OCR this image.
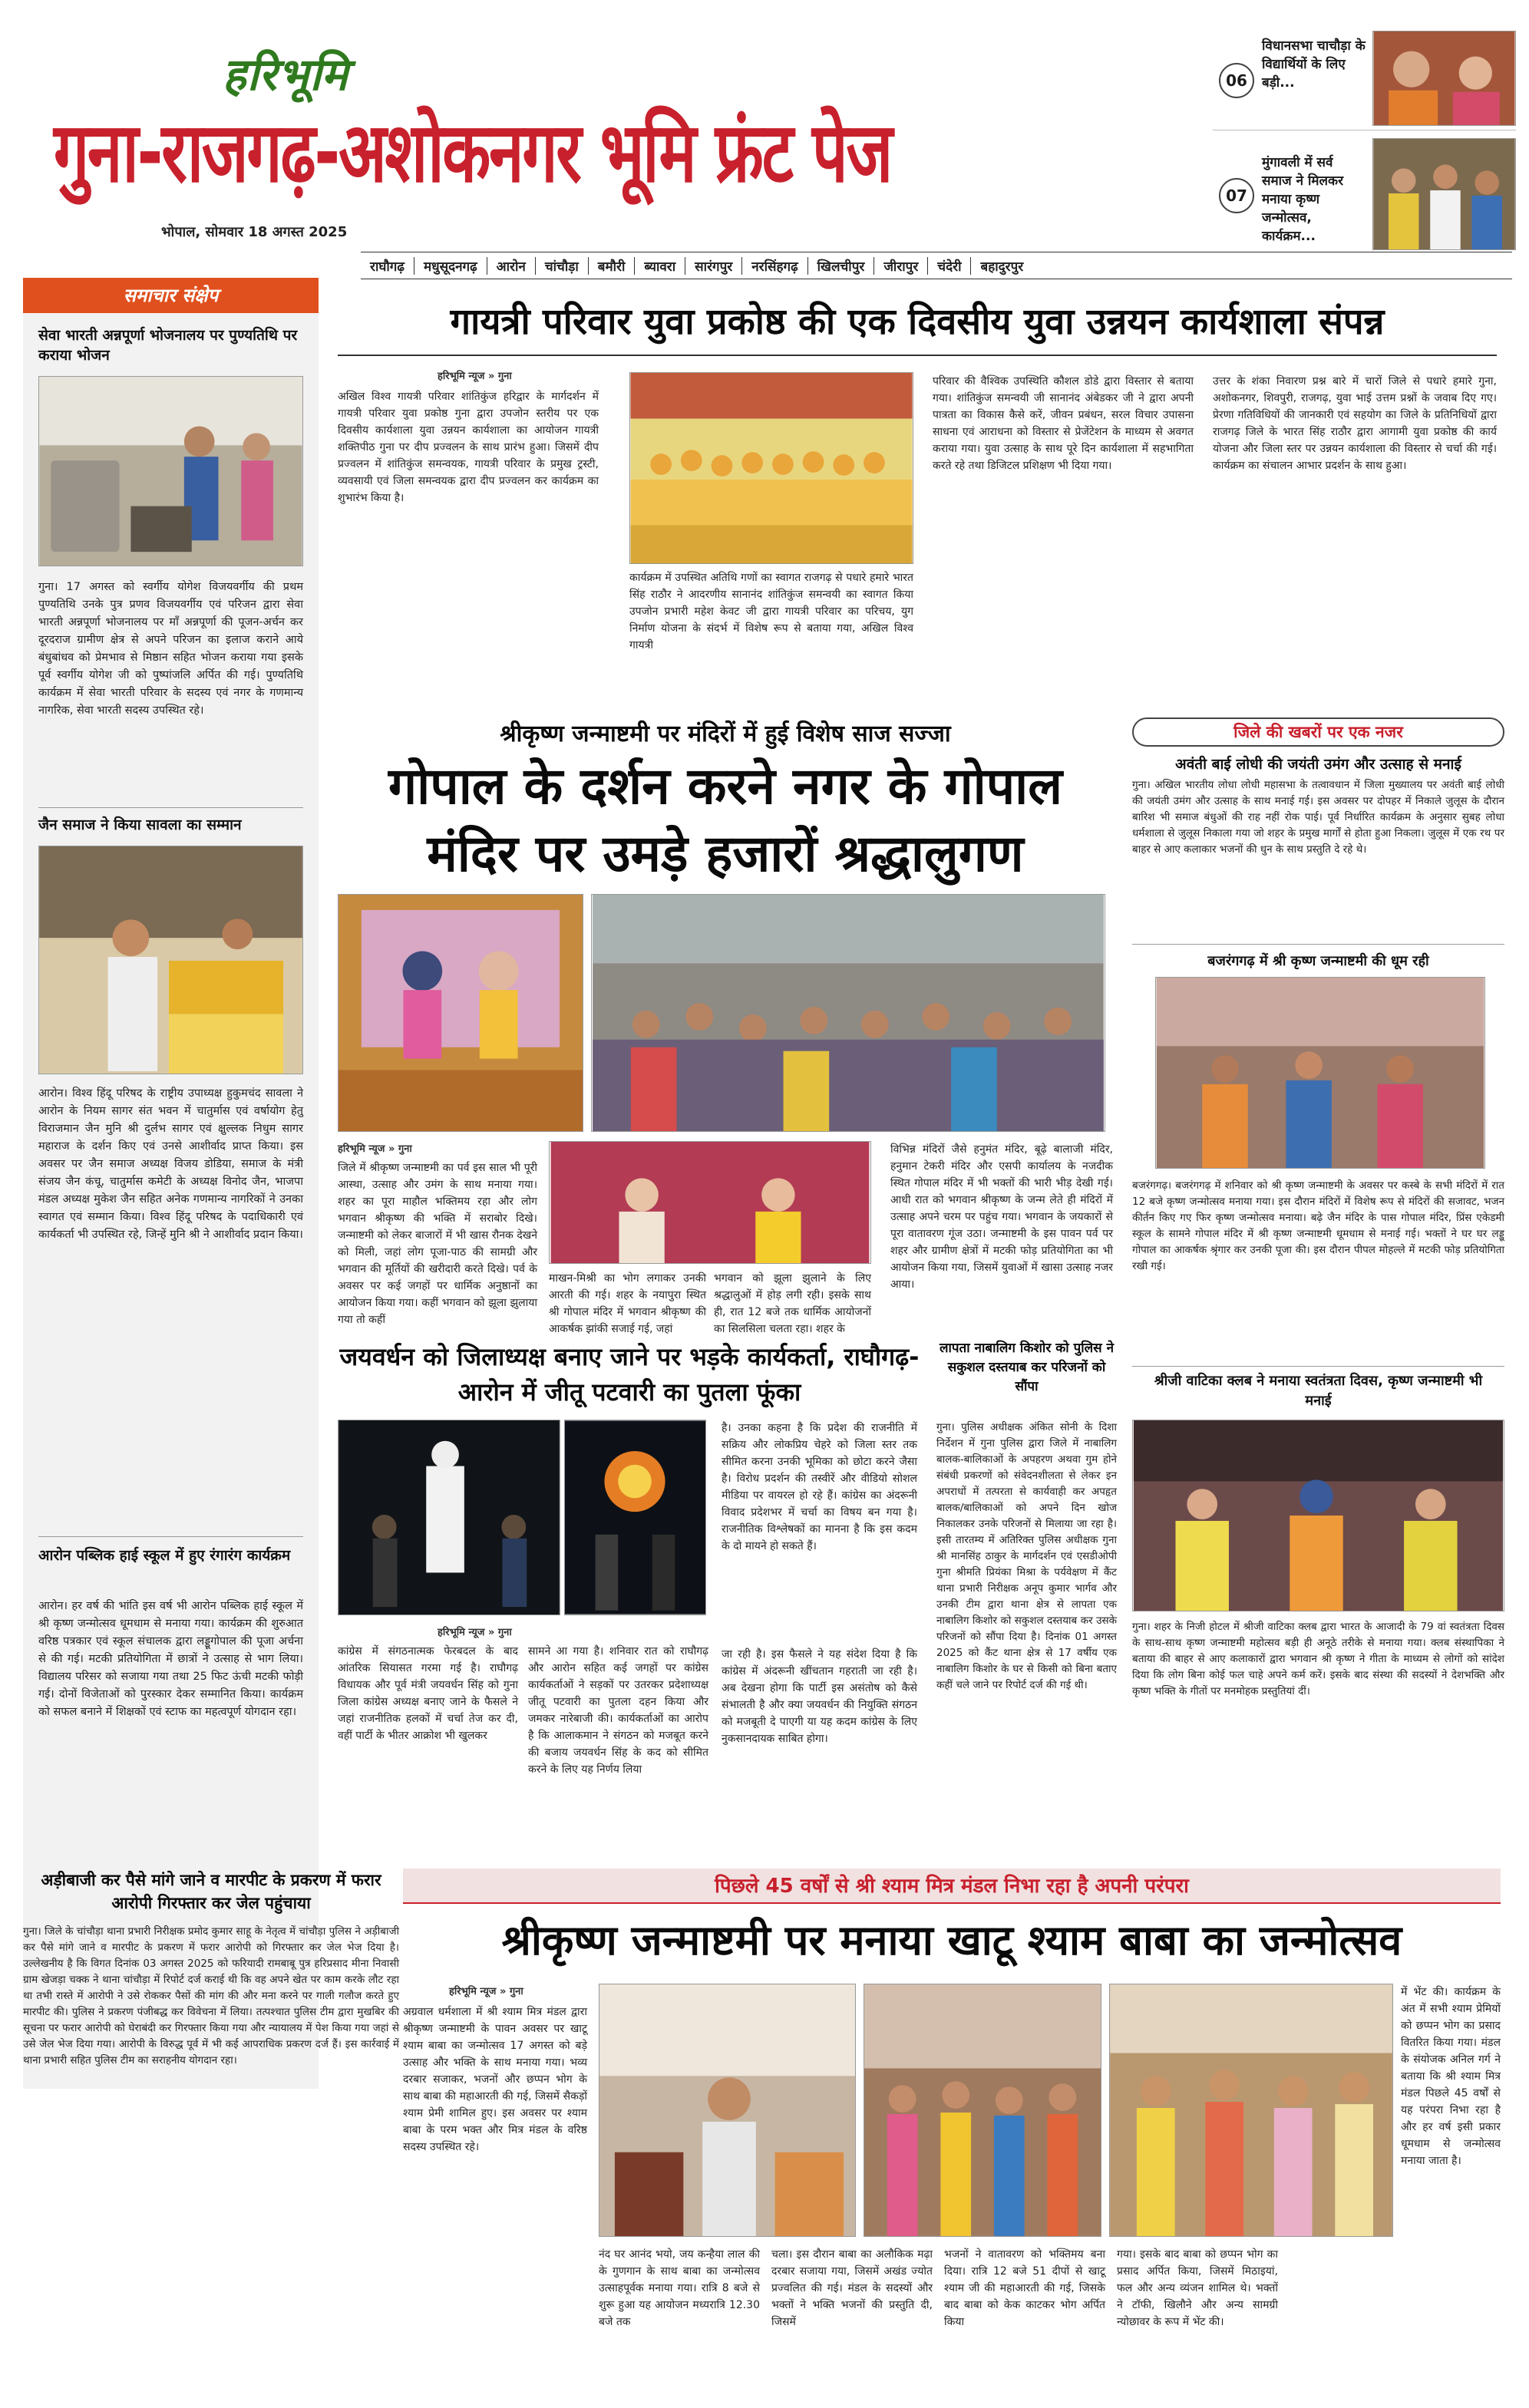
हरिभूमि
गुना-राजगढ़-अशोकनगर भूमि फ्रंट पेज
भोपाल, सोमवार 18 अगस्त 2025
06
विधानसभा चाचौड़ा के विद्यार्थियों के लिए बड़ी...
07
मुंगावली में सर्व समाज ने मिलकर मनाया कृष्ण जन्मोत्सव, कार्यक्रम...
राघौगढ़	मधुसूदनगढ़	आरोन	चांचौड़ा	बमौरी	ब्यावरा	सारंगपुर	नरसिंहगढ़	खिलचीपुर	जीरापुर	चंदेरी	बहादुरपुर
समाचार संक्षेप
सेवा भारती अन्नपूर्णा भोजनालय पर पुण्यतिथि पर कराया भोजन
गुना। 17 अगस्त को स्वर्गीय योगेश विजयवर्गीय की प्रथम पुण्यतिथि उनके पुत्र प्रणव विजयवर्गीय एवं परिजन द्वारा सेवा भारती अन्नपूर्णा भोजनालय पर माँ अन्नपूर्णा की पूजन-अर्चन कर दूरदराज ग्रामीण क्षेत्र से अपने परिजन का इलाज कराने आये बंधुबांधव को प्रेमभाव से मिष्ठान सहित भोजन कराया गया इसके पूर्व स्वर्गीय योगेश जी को पुष्पांजलि अर्पित की गई। पुण्यतिथि कार्यक्रम में सेवा भारती परिवार के सदस्य एवं नगर के गणमान्य नागरिक, सेवा भारती सदस्य उपस्थित रहे।
जैन समाज ने किया सावला का सम्मान
आरोन। विश्व हिंदू परिषद के राष्ट्रीय उपाध्यक्ष हुकुमचंद सावला ने आरोन के नियम सागर संत भवन में चातुर्मास एवं वर्षायोग हेतु विराजमान जैन मुनि श्री दुर्लभ सागर एवं क्षुल्लक निधुम सागर महाराज के दर्शन किए एवं उनसे आशीर्वाद प्राप्त किया। इस अवसर पर जैन समाज अध्यक्ष विजय डोडिया, समाज के मंत्री संजय जैन कंचू, चातुर्मास कमेटी के अध्यक्ष विनोद जैन, भाजपा मंडल अध्यक्ष मुकेश जैन सहित अनेक गणमान्य नागरिकों ने उनका स्वागत एवं सम्मान किया। विश्व हिंदू परिषद के पदाधिकारी एवं कार्यकर्ता भी उपस्थित रहे, जिन्हें मुनि श्री ने आशीर्वाद प्रदान किया।
आरोन पब्लिक हाई स्कूल में हुए रंगारंग कार्यक्रम
आरोन। हर वर्ष की भांति इस वर्ष भी आरोन पब्लिक हाई स्कूल में श्री कृष्ण जन्मोत्सव धूमधाम से मनाया गया। कार्यक्रम की शुरुआत वरिष्ठ पत्रकार एवं स्कूल संचालक द्वारा लड्डूगोपाल की पूजा अर्चना से की गई। मटकी प्रतियोगिता में छात्रों ने उत्साह से भाग लिया। विद्यालय परिसर को सजाया गया तथा 25 फिट ऊंची मटकी फोड़ी गई। दोनों विजेताओं को पुरस्कार देकर सम्मानित किया। कार्यक्रम को सफल बनाने में शिक्षकों एवं स्टाफ का महत्वपूर्ण योगदान रहा।
गायत्री परिवार युवा प्रकोष्ठ की एक दिवसीय युवा उन्नयन कार्यशाला संपन्न
हरिभूमि न्यूज » गुना
अखिल विश्व गायत्री परिवार शांतिकुंज हरिद्वार के मार्गदर्शन में गायत्री परिवार युवा प्रकोष्ठ गुना द्वारा उपजोन स्तरीय पर एक दिवसीय कार्यशाला युवा उन्नयन कार्यशाला का आयोजन गायत्री शक्तिपीठ गुना पर दीप प्रज्वलन के साथ प्रारंभ हुआ। जिसमें दीप प्रज्वलन में शांतिकुंज समन्वयक, गायत्री परिवार के प्रमुख ट्रस्टी, व्यवसायी एवं जिला समन्वयक द्वारा दीप प्रज्वलन कर कार्यक्रम का शुभारंभ किया है।
कार्यक्रम में उपस्थित अतिथि गणों का स्वागत राजगढ़ से पधारे हमारे भारत सिंह राठौर ने आदरणीय सानानंद शांतिकुंज समन्वयी का स्वागत किया उपजोन प्रभारी महेश केवट जी द्वारा गायत्री परिवार का परिचय, युग निर्माण योजना के संदर्भ में विशेष रूप से बताया गया, अखिल विश्व गायत्री
परिवार की वैश्विक उपस्थिति कौशल डोडे द्वारा विस्तार से बताया गया। शांतिकुंज समन्वयी जी सानानंद अंबेडकर जी ने द्वारा अपनी पात्रता का विकास कैसे करें, जीवन प्रबंधन, सरल विचार उपासना साधना एवं आराधना को विस्तार से प्रेजेंटेशन के माध्यम से अवगत कराया गया। युवा उत्साह के साथ पूरे दिन कार्यशाला में सहभागिता करते रहे तथा डिजिटल प्रशिक्षण भी दिया गया।
उत्तर के शंका निवारण प्रश्न बारे में चारों जिले से पधारे हमारे गुना, अशोकनगर, शिवपुरी, राजगढ़, युवा भाई उत्तम प्रश्नों के जवाब दिए गए। प्रेरणा गतिविधियों की जानकारी एवं सहयोग का जिले के प्रतिनिधियों द्वारा राजगढ़ जिले के भारत सिंह राठौर द्वारा आगामी युवा प्रकोष्ठ की कार्य योजना और जिला स्तर पर उन्नयन कार्यशाला की विस्तार से चर्चा की गई। कार्यक्रम का संचालन आभार प्रदर्शन के साथ हुआ।
श्रीकृष्ण जन्माष्टमी पर मंदिरों में हुई विशेष साज सज्जा
गोपाल के दर्शन करने नगर के गोपाल मंदिर पर उमड़े हजारों श्रद्धालुगण
हरिभूमि न्यूज » गुना
जिले में श्रीकृष्ण जन्माष्टमी का पर्व इस साल भी पूरी आस्था, उत्साह और उमंग के साथ मनाया गया। शहर का पूरा माहौल भक्तिमय रहा और लोग भगवान श्रीकृष्ण की भक्ति में सराबोर दिखे। जन्माष्टमी को लेकर बाजारों में भी खास रौनक देखने को मिली, जहां लोग पूजा-पाठ की सामग्री और भगवान की मूर्तियों की खरीदारी करते दिखे। पर्व के अवसर पर कई जगहों पर धार्मिक अनुष्ठानों का आयोजन किया गया। कहीं भगवान को झूला झुलाया गया तो कहीं
माखन-मिश्री का भोग लगाकर उनकी आरती की गई। शहर के नयापुरा स्थित श्री गोपाल मंदिर में भगवान श्रीकृष्ण की आकर्षक झांकी सजाई गई, जहां
भगवान को झूला झुलाने के लिए श्रद्धालुओं में होड़ लगी रही। इसके साथ ही, रात 12 बजे तक धार्मिक आयोजनों का सिलसिला चलता रहा। शहर के
विभिन्न मंदिरों जैसे हनुमंत मंदिर, बूढ़े बालाजी मंदिर, हनुमान टेकरी मंदिर और एसपी कार्यालय के नजदीक स्थित गोपाल मंदिर में भी भक्तों की भारी भीड़ देखी गई। आधी रात को भगवान श्रीकृष्ण के जन्म लेते ही मंदिरों में उत्साह अपने चरम पर पहुंच गया। भगवान के जयकारों से पूरा वातावरण गूंज उठा। जन्माष्टमी के इस पावन पर्व पर शहर और ग्रामीण क्षेत्रों में मटकी फोड़ प्रतियोगिता का भी आयोजन किया गया, जिसमें युवाओं में खासा उत्साह नजर आया।
जिले की खबरों पर एक नजर
अवंती बाई लोधी की जयंती उमंग और उत्साह से मनाई
गुना। अखिल भारतीय लोधा लोधी महासभा के तत्वावधान में जिला मुख्यालय पर अवंती बाई लोधी की जयंती उमंग और उत्साह के साथ मनाई गई। इस अवसर पर दोपहर में निकाले जुलूस के दौरान बारिश भी समाज बंधुओं की राह नहीं रोक पाई। पूर्व निर्धारित कार्यक्रम के अनुसार सुबह लोधा धर्मशाला से जुलूस निकाला गया जो शहर के प्रमुख मार्गों से होता हुआ निकला। जुलूस में एक रथ पर बाहर से आए कलाकार भजनों की धुन के साथ प्रस्तुति दे रहे थे।
बजरंगगढ़ में श्री कृष्ण जन्माष्टमी की धूम रही
बजरंगगढ़। बजरंगगढ़ में शनिवार को श्री कृष्ण जन्माष्टमी के अवसर पर कस्बे के सभी मंदिरों में रात 12 बजे कृष्ण जन्मोत्सव मनाया गया। इस दौरान मंदिरों में विशेष रूप से मंदिरों की सजावट, भजन कीर्तन किए गए फिर कृष्ण जन्मोत्सव मनाया। बढ़े जैन मंदिर के पास गोपाल मंदिर, प्रिंस एकेडमी स्कूल के सामने गोपाल मंदिर में श्री कृष्ण जन्माष्टमी धूमधाम से मनाई गई। भक्तों ने घर घर लड्डू गोपाल का आकर्षक श्रृंगार कर उनकी पूजा की। इस दौरान पीपल मोहल्ले में मटकी फोड़ प्रतियोगिता रखी गई।
श्रीजी वाटिका क्लब ने मनाया स्वतंत्रता दिवस, कृष्ण जन्माष्टमी भी मनाई
गुना। शहर के निजी होटल में श्रीजी वाटिका क्लब द्वारा भारत के आजादी के 79 वां स्वतंत्रता दिवस के साथ-साथ कृष्ण जन्माष्टमी महोत्सव बड़ी ही अनूठे तरीके से मनाया गया। क्लब संस्थापिका ने बताया की बाहर से आए कलाकारों द्वारा भगवान श्री कृष्ण ने गीता के माध्यम से लोगों को सांदेश दिया कि लोग बिना कोई फल चाहे अपने कर्म करें। इसके बाद संस्था की सदस्यों ने देशभक्ति और कृष्ण भक्ति के गीतों पर मनमोहक प्रस्तुतियां दीं।
जयवर्धन को जिलाध्यक्ष बनाए जाने पर भड़के कार्यकर्ता, राघौगढ़-आरोन में जीतू पटवारी का पुतला फूंका
हरिभूमि न्यूज » गुना
कांग्रेस में संगठनात्मक फेरबदल के बाद आंतरिक सियासत गरमा गई है। राघौगढ़ विधायक और पूर्व मंत्री जयवर्धन सिंह को गुना जिला कांग्रेस अध्यक्ष बनाए जाने के फैसले ने जहां राजनीतिक हलकों में चर्चा तेज कर दी, वहीं पार्टी के भीतर आक्रोश भी खुलकर
सामने आ गया है। शनिवार रात को राघौगढ़ और आरोन सहित कई जगहों पर कांग्रेस कार्यकर्ताओं ने सड़कों पर उतरकर प्रदेशाध्यक्ष जीतू पटवारी का पुतला दहन किया और जमकर नारेबाजी की। कार्यकर्ताओं का आरोप है कि आलाकमान ने संगठन को मजबूत करने की बजाय जयवर्धन सिंह के कद को सीमित करने के लिए यह निर्णय लिया
है। उनका कहना है कि प्रदेश की राजनीति में सक्रिय और लोकप्रिय चेहरे को जिला स्तर तक सीमित करना उनकी भूमिका को छोटा करने जैसा है। विरोध प्रदर्शन की तस्वीरें और वीडियो सोशल मीडिया पर वायरल हो रहे हैं। कांग्रेस का अंदरूनी विवाद प्रदेशभर में चर्चा का विषय बन गया है। राजनीतिक विश्लेषकों का मानना है कि इस कदम के दो मायने हो सकते हैं।
जा रही है। इस फैसले ने यह संदेश दिया है कि कांग्रेस में अंदरूनी खींचतान गहराती जा रही है। अब देखना होगा कि पार्टी इस असंतोष को कैसे संभालती है और क्या जयवर्धन की नियुक्ति संगठन को मजबूती दे पाएगी या यह कदम कांग्रेस के लिए नुकसानदायक साबित होगा।
लापता नाबालिग किशोर को पुलिस ने सकुशल दस्तयाब कर परिजनों को सौंपा
गुना। पुलिस अधीक्षक अंकित सोनी के दिशा निर्देशन में गुना पुलिस द्वारा जिले में नाबालिग बालक-बालिकाओं के अपहरण अथवा गुम होने संबंधी प्रकरणों को संवेदनशीलता से लेकर इन अपराधों में तत्परता से कार्यवाही कर अपहृत बालक/बालिकाओं को अपने दिन खोज निकालकर उनके परिजनों से मिलाया जा रहा है। इसी तारतम्य में अतिरिक्त पुलिस अधीक्षक गुना श्री मानसिंह ठाकुर के मार्गदर्शन एवं एसडीओपी गुना श्रीमति प्रियंका मिश्रा के पर्यवेक्षण में कैंट थाना प्रभारी निरीक्षक अनूप कुमार भार्गव और उनकी टीम द्वारा थाना क्षेत्र से लापता एक नाबालिग किशोर को सकुशल दस्तयाब कर उसके परिजनों को सौंपा दिया है। दिनांक 01 अगस्त 2025 को कैंट थाना क्षेत्र से 17 वर्षीय एक नाबालिग किशोर के घर से किसी को बिना बताए कहीं चले जाने पर रिपोर्ट दर्ज की गई थी।
अड़ीबाजी कर पैसे मांगे जाने व मारपीट के प्रकरण में फरार आरोपी गिरफ्तार कर जेल पहुंचाया
गुना। जिले के चांचौड़ा थाना प्रभारी निरीक्षक प्रमोद कुमार साहू के नेतृत्व में चांचौड़ा पुलिस ने अड़ीबाजी कर पैसे मांगे जाने व मारपीट के प्रकरण में फरार आरोपी को गिरफ्तार कर जेल भेज दिया है। उल्लेखनीय है कि विगत दिनांक 03 अगस्त 2025 को फरियादी रामबाबू पुत्र हरिप्रसाद मीना निवासी ग्राम खेजड़ा चक्क ने थाना चांचौड़ा में रिपोर्ट दर्ज कराई थी कि वह अपने खेत पर काम करके लौट रहा था तभी रास्ते में आरोपी ने उसे रोककर पैसों की मांग की और मना करने पर गाली गलौज करते हुए मारपीट की। पुलिस ने प्रकरण पंजीबद्ध कर विवेचना में लिया। तत्पश्चात पुलिस टीम द्वारा मुखबिर की सूचना पर फरार आरोपी को घेराबंदी कर गिरफ्तार किया गया और न्यायालय में पेश किया गया जहां से उसे जेल भेज दिया गया। आरोपी के विरुद्ध पूर्व में भी कई आपराधिक प्रकरण दर्ज हैं। इस कार्रवाई में थाना प्रभारी सहित पुलिस टीम का सराहनीय योगदान रहा।
पिछले 45 वर्षों से श्री श्याम मित्र मंडल निभा रहा है अपनी परंपरा
श्रीकृष्ण जन्माष्टमी पर मनाया खाटू श्याम बाबा का जन्मोत्सव
हरिभूमि न्यूज » गुना
अग्रवाल धर्मशाला में श्री श्याम मित्र मंडल द्वारा श्रीकृष्ण जन्माष्टमी के पावन अवसर पर खाटू श्याम बाबा का जन्मोत्सव 17 अगस्त को बड़े उत्साह और भक्ति के साथ मनाया गया। भव्य दरबार सजाकर, भजनों और छप्पन भोग के साथ बाबा की महाआरती की गई, जिसमें सैकड़ों श्याम प्रेमी शामिल हुए। इस अवसर पर श्याम बाबा के परम भक्त और मित्र मंडल के वरिष्ठ सदस्य उपस्थित रहे।
नंद घर आनंद भयो, जय कन्हैया लाल की के गुणगान के साथ बाबा का जन्मोत्सव उत्साहपूर्वक मनाया गया। रात्रि 8 बजे से शुरू हुआ यह आयोजन मध्यरात्रि 12.30 बजे तक
चला। इस दौरान बाबा का अलौकिक मढ़ा दरबार सजाया गया, जिसमें अखंड ज्योत प्रज्वलित की गई। मंडल के सदस्यों और भक्तों ने भक्ति भजनों की प्रस्तुति दी, जिसमें
भजनों ने वातावरण को भक्तिमय बना दिया। रात्रि 12 बजे 51 दीपों से खाटू श्याम जी की महाआरती की गई, जिसके बाद बाबा को केक काटकर भोग अर्पित किया
गया। इसके बाद बाबा को छप्पन भोग का प्रसाद अर्पित किया, जिसमें मिठाइयां, फल और अन्य व्यंजन शामिल थे। भक्तों ने टॉफी, खिलौने और अन्य सामग्री न्योछावर के रूप में भेंट की।
में भेंट की। कार्यक्रम के अंत में सभी श्याम प्रेमियों को छप्पन भोग का प्रसाद वितरित किया गया। मंडल के संयोजक अनिल गर्ग ने बताया कि श्री श्याम मित्र मंडल पिछले 45 वर्षों से यह परंपरा निभा रहा है और हर वर्ष इसी प्रकार धूमधाम से जन्मोत्सव मनाया जाता है।
